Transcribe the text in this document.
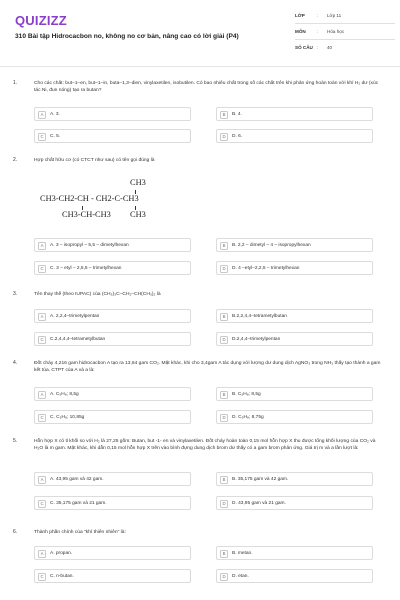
QUIZIZZ
310 Bài tập Hidrocacbon no, không no cơ bản, nâng cao có lời giải (P4)
LỚP	:	Lớp 11
MÔN	:	Hóa học
SỐ CÂU :	40
1.	Cho các chất: but–1–en, but–1–in, buta–1,3–dien, vinylaxetilen, isobutilen. Có bao nhiêu chất trong số các chất trên khi phản ứng hoàn toàn với khí H₂ dư (xúc tác Ni, đun nóng) tạo ra butan?
A	A. 3.	B	B. 4.
C	C. 5.	D	D. 6.
2.	Hợp chất hữu cơ (có CTCT như sau) có tên gọi đúng là
CH3
CH3-CH2-CH - CH2-C-CH3
CH3-CH-CH3 CH3
A	A. 3 – isopropyl – 5,5 – dimetylhexan	B	B. 2,2 – dimetyl – 4 – isopropylhexan
C	C. 3 – etyl – 2,5,5 – trimetylhexan	D	D. 4 –etyl–2,2,5 – trimetylhexan
3.	Tên thay thế (theo IUPAC) của (CH₃)₃C–CH₂–CH(CH₃)₂ là
A	A. 2,2,4–trimetylpentan	B	B.2,2,4,4–tetrametylbutan
C	C.2,4,4,4–tetrametylbutan	D	D.2,4,4–trimetylpentan
4.	Đốt cháy 4,216 gam hidrocacbon A tạo ra 13,64 gam CO₂. Mặt khác, khi cho 3,4gam A tác dụng với lượng dư dung dịch AgNO₃ trong NH₃ thấy tạo thành a gam kết tủa. CTPT của A và a là:
A	A. C₅H₈; 8,5g	B	B. C₅H₈; 8,5g
C	C. C₅H₈; 10,85g	D	D. C₅H₈; 8,75g
5.	Hỗn hợp X có tỉ khối so với H₂ là 27,25 gồm: Butan, but -1- en và vinylaxetilen. Đốt cháy hoàn toàn 0,15 mol hỗn hợp X thu được tổng khối lượng của CO₂ và H₂O là m gam. Mặt khác, khi dẫn 0,15 mol hỗn hợp X trên vào bình đựng dung dịch brom dư thấy có a gam brom phản ứng. Giá trị m và a lần lượt là:
A	A. 43,95 gam và 42 gam.	B	B. 35,175 gam và 42 gam.
C	C. 35,175 gam và 21 gam.	D	D. 43,95 gam và 21 gam.
6.	Thành phần chính của "khí thiên nhiên" là:
A	A. propan.	B	B. metan.
C	C. n-butan.	D	D. etan.
